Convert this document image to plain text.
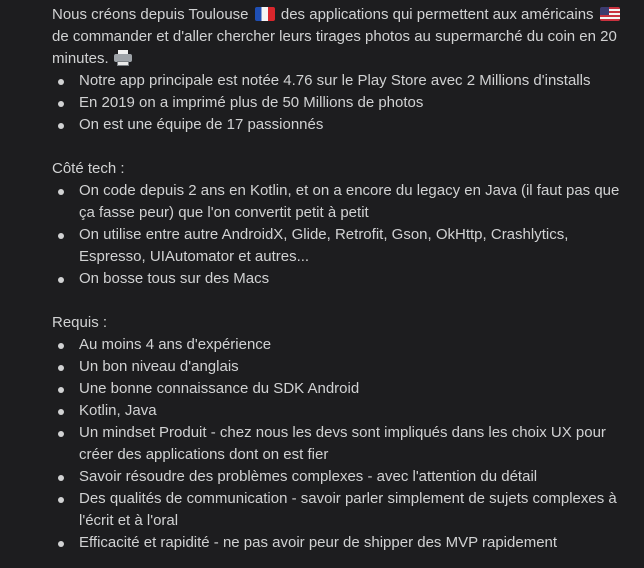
Nous créons depuis Toulouse des applications qui permettent aux américains  de commander et d'aller chercher leurs tirages photos au supermarché du coin en 20 minutes.

Notre app principale est notée 4.76 sur le Play Store avec 2 Millions d'installs
En 2019 on a imprimé plus de 50 Millions de photos
On est une équipe de 17 passionnés

Côté tech :

On code depuis 2 ans en Kotlin, et on a encore du legacy en Java (il faut pas que ça fasse peur) que l'on convertit petit à petit
On utilise entre autre AndroidX, Glide, Retrofit, Gson, OkHttp, Crashlytics, Espresso, UIAutomator et autres...
On bosse tous sur des Macs

Requis :

Au moins 4 ans d'expérience
Un bon niveau d'anglais
Une bonne connaissance du SDK Android
Kotlin, Java
Un mindset Produit - chez nous les devs sont impliqués dans les choix UX pour créer des applications dont on est fier
Savoir résoudre des problèmes complexes - avec l'attention du détail
Des qualités de communication - savoir parler simplement de sujets complexes à l'écrit et à l'oral
Efficacité et rapidité - ne pas avoir peur de shipper des MVP rapidement
